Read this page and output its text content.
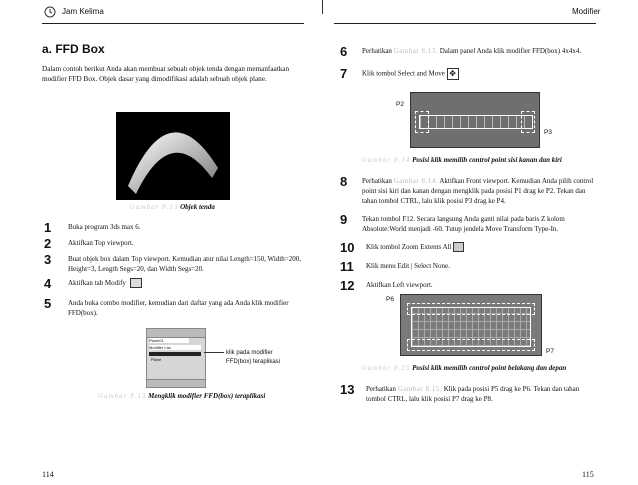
Jam Kelima	Modifier
a. FFD Box
Dalam contoh berikut Anda akan membuat sebuah objek tenda dengan memanfaatkan modifier FFD Box. Objek dasar yang dimodifikasi adalah sebuah objek plane.
Gambar 8.13 Objek tenda
1 Buka program 3ds max 6.
2 Aktifkan Top viewport.
3 Buat objek box dalam Top viewport. Kemudian atur nilai Length=150, Width=200, Height=3, Length Segs=20, dan Width Segs=20.
4 Aktifkan tab Modify
5 Anda buka combo modifier, kemudian dari daftar yang ada Anda klik modifier FFD(box).
Plane01
Modifier List
Plane
klik pada modifier FFD(box) teraplikasi
Gambar 8.13 Mengklik modifier FFD(box) teraplikasi
114
6 Perhatikan Gambar 8.13. Dalam panel Anda klik modifier FFD(box) 4x4x4.
7 Klik tombol Select and Move ✥
P2
P3
Gambar 8.14 Posisi klik memilih control point sisi kanan dan kiri
8 Perhatikan Gambar 8.14. Aktifkan Front viewport. Kemudian Anda pilih control point sisi kiri dan kanan dengan mengklik pada posisi P1 drag ke P2. Tekan dan tahan tombol CTRL, lalu klik posisi P3 drag ke P4.
9 Tekan tombol F12. Secara langsung Anda ganti nilai pada baris Z kolom Absolute:World menjadi -60. Tutup jendela Move Transform Type-In.
10 Klik tombol Zoom Extents All
11 Klik menu Edit | Select None.
12 Aktifkan Left viewport.
P6
P7
Gambar 8.15 Posisi klik memilih control point belakang dan depan
13 Perhatikan Gambar 8.15. Klik pada posisi P5 drag ke P6. Tekan dan tahan tombol CTRL, lalu klik posisi P7 drag ke P8.
115
